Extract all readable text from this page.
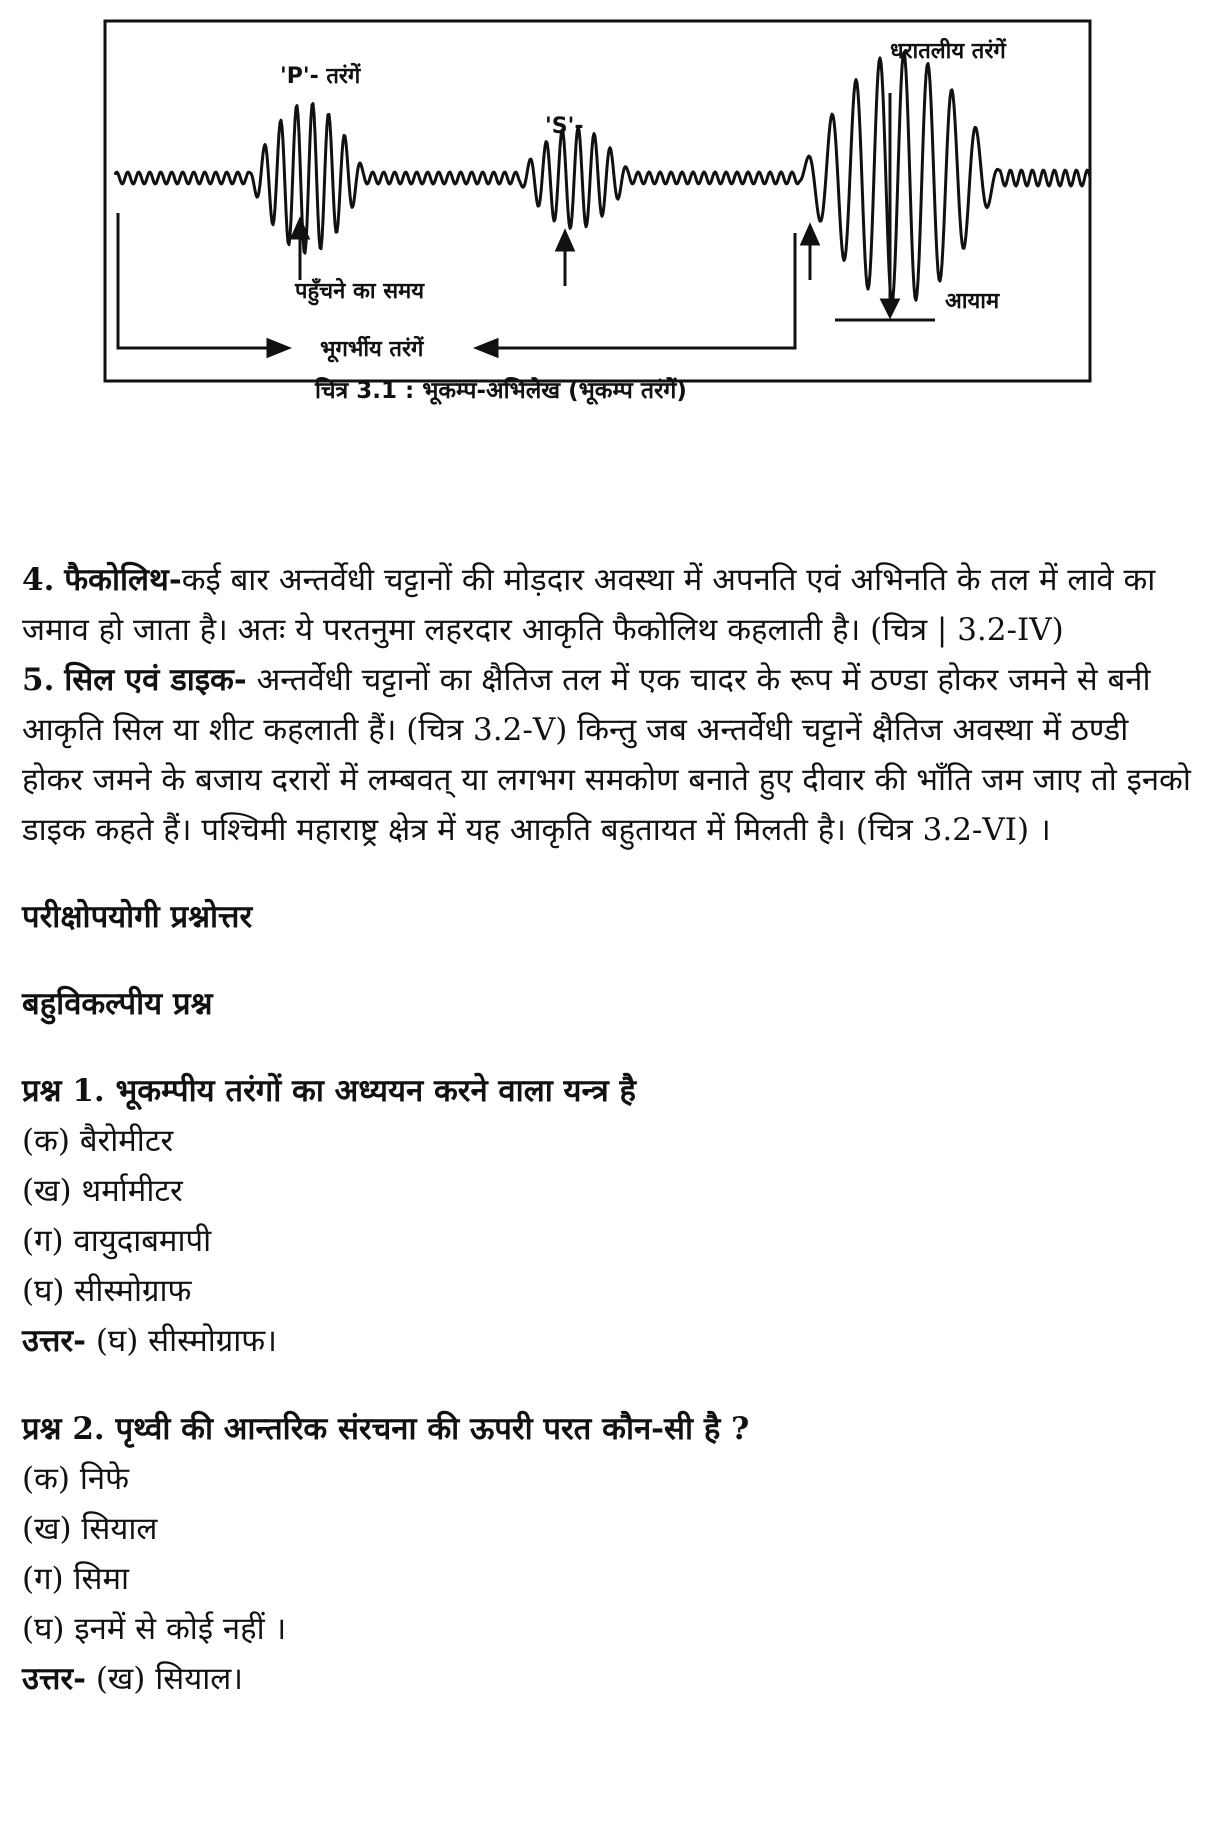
'P'- तरंगें
'S'-
धरातलीय तरंगें
पहुँचने का समय
भूगर्भीय तरंगें
आयाम
चित्र 3.1 : भूकम्प-अभिलेख (भूकम्प तरंगें)

4. फैकोलिथ-कई बार अन्तर्वेधी चट्टानों की मोड़दार अवस्था में अपनति एवं अभिनति के तल में लावे का जमाव हो जाता है। अतः ये परतनुमा लहरदार आकृति फैकोलिथ कहलाती है। (चित्र | 3.2-IV)

5. सिल एवं डाइक- अन्तर्वेधी चट्टानों का क्षैतिज तल में एक चादर के रूप में ठण्डा होकर जमने से बनी आकृति सिल या शीट कहलाती हैं। (चित्र 3.2-V) किन्तु जब अन्तर्वेधी चट्टानें क्षैतिज अवस्था में ठण्डी होकर जमने के बजाय दरारों में लम्बवत् या लगभग समकोण बनाते हुए दीवार की भाँति जम जाए तो इनको डाइक कहते हैं। पश्चिमी महाराष्ट्र क्षेत्र में यह आकृति बहुतायत में मिलती है। (चित्र 3.2-VI) ।

परीक्षोपयोगी प्रश्नोत्तर

बहुविकल्पीय प्रश्न

प्रश्न 1. भूकम्पीय तरंगों का अध्ययन करने वाला यन्त्र है

(क) बैरोमीटर

(ख) थर्मामीटर

(ग) वायुदाबमापी

(घ) सीस्मोग्राफ

उत्तर- (घ) सीस्मोग्राफ।

प्रश्न 2. पृथ्वी की आन्तरिक संरचना की ऊपरी परत कौन-सी है ?

(क) निफे

(ख) सियाल

(ग) सिमा

(घ) इनमें से कोई नहीं ।

उत्तर- (ख) सियाल।
